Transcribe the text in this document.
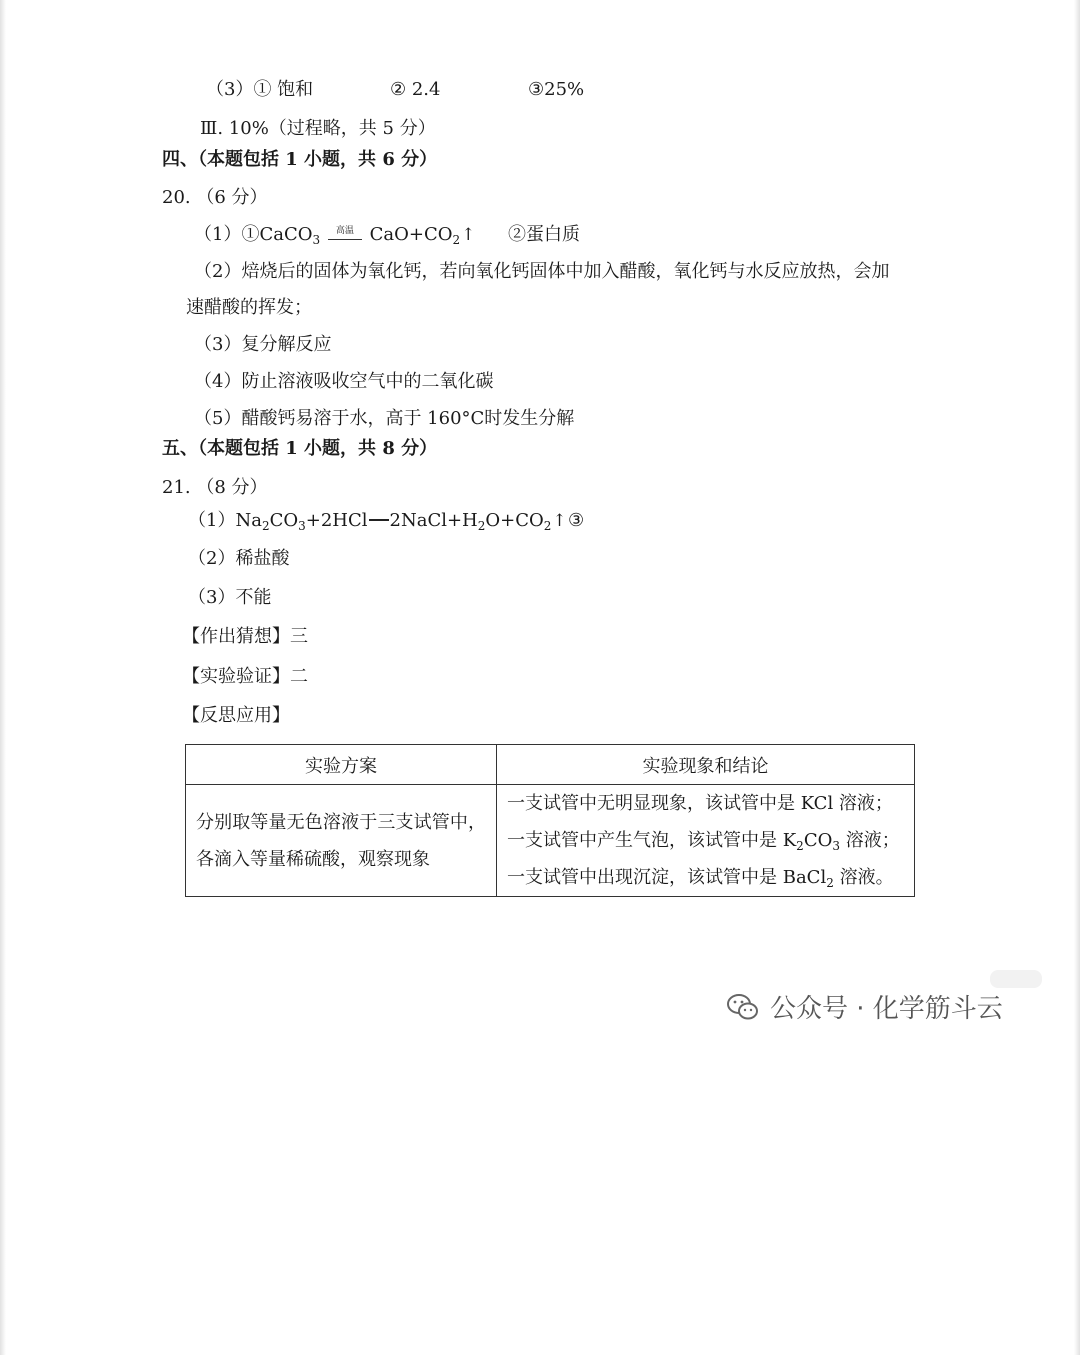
（3）① 饱和	② 2.4	③25%
Ⅲ. 10%（过程略，共 5 分）
四、（本题包括 1 小题，共 6 分）
20. （6 分）
（1）①CaCO$_3$
高温 $CaO+CO_2↑$ ②蛋白质
（2）焙烧后的固体为氧化钙，若向氧化钙固体中加入醋酸，氧化钙与水反应放热，会加
速醋酸的挥发；
（3）复分解反应
（4）防止溶液吸收空气中的二氧化碳
（5）醋酸钙易溶于水，高于 160°C时发生分解
五、（本题包括 1 小题，共 8 分）
21. （8 分）
$(1)Na_2CO_3+2HCl$ $2NaCl+H_2O+CO_2↑$ ③
（2）稀盐酸
（3）不能
【作出猜想】三
【实验验证】二
【反思应用】
实验方案	实验现象和结论
分别取等量无色溶液于三支试管中，各滴入等量稀硫酸，观察现象	一支试管中无明显现象，该试管中是 KCl 溶液；
一支试管中产生气泡，该试管中是 $K_2CO_3$ 溶液；
一支试管中出现沉淀，该试管中是 BaCl$_2$ 溶液。
公众号 · 化学筋斗云
